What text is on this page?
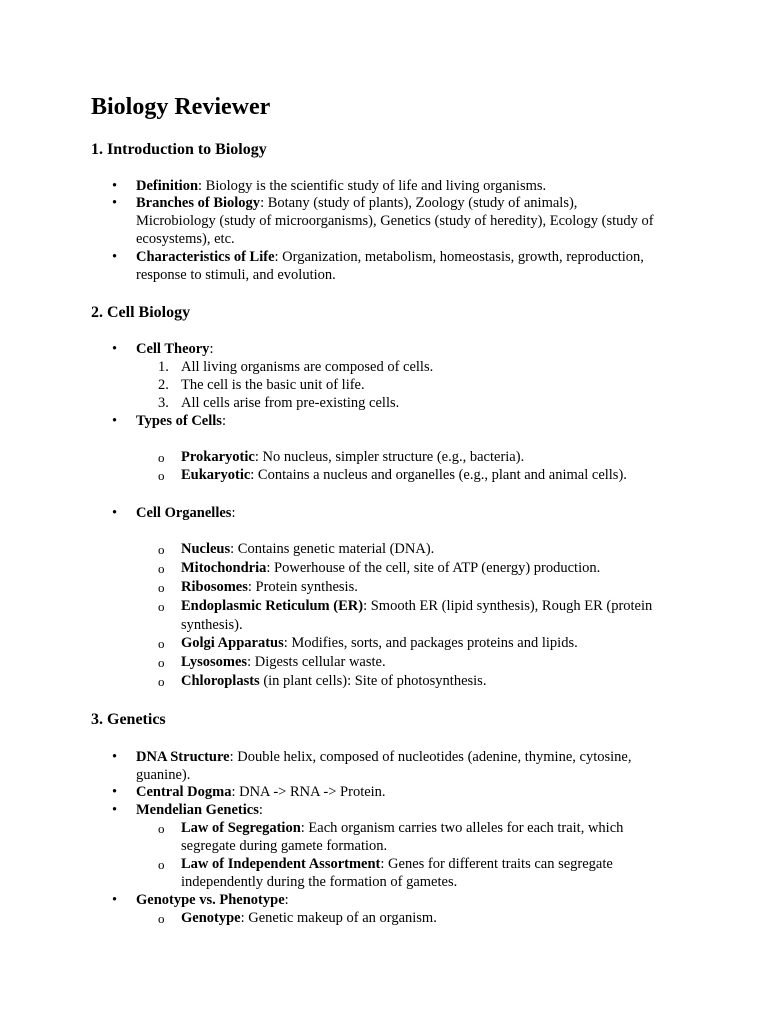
Biology Reviewer
1. Introduction to Biology
• Definition: Biology is the scientific study of life and living organisms.
• Branches of Biology: Botany (study of plants), Zoology (study of animals),
Microbiology (study of microorganisms), Genetics (study of heredity), Ecology (study of
ecosystems), etc.
• Characteristics of Life: Organization, metabolism, homeostasis, growth, reproduction,
response to stimuli, and evolution.
2. Cell Biology
• Cell Theory:
1. All living organisms are composed of cells.
2. The cell is the basic unit of life.
3. All cells arise from pre-existing cells.
• Types of Cells:
o Prokaryotic: No nucleus, simpler structure (e.g., bacteria).
o Eukaryotic: Contains a nucleus and organelles (e.g., plant and animal cells).
• Cell Organelles:
o Nucleus: Contains genetic material (DNA).
o Mitochondria: Powerhouse of the cell, site of ATP (energy) production.
o Ribosomes: Protein synthesis.
o Endoplasmic Reticulum (ER): Smooth ER (lipid synthesis), Rough ER (protein
synthesis).
o Golgi Apparatus: Modifies, sorts, and packages proteins and lipids.
o Lysosomes: Digests cellular waste.
o Chloroplasts (in plant cells): Site of photosynthesis.
3. Genetics
• DNA Structure: Double helix, composed of nucleotides (adenine, thymine, cytosine,
guanine).
• Central Dogma: DNA -> RNA -> Protein.
• Mendelian Genetics:
o Law of Segregation: Each organism carries two alleles for each trait, which
segregate during gamete formation.
o Law of Independent Assortment: Genes for different traits can segregate
independently during the formation of gametes.
• Genotype vs. Phenotype:
o Genotype: Genetic makeup of an organism.
